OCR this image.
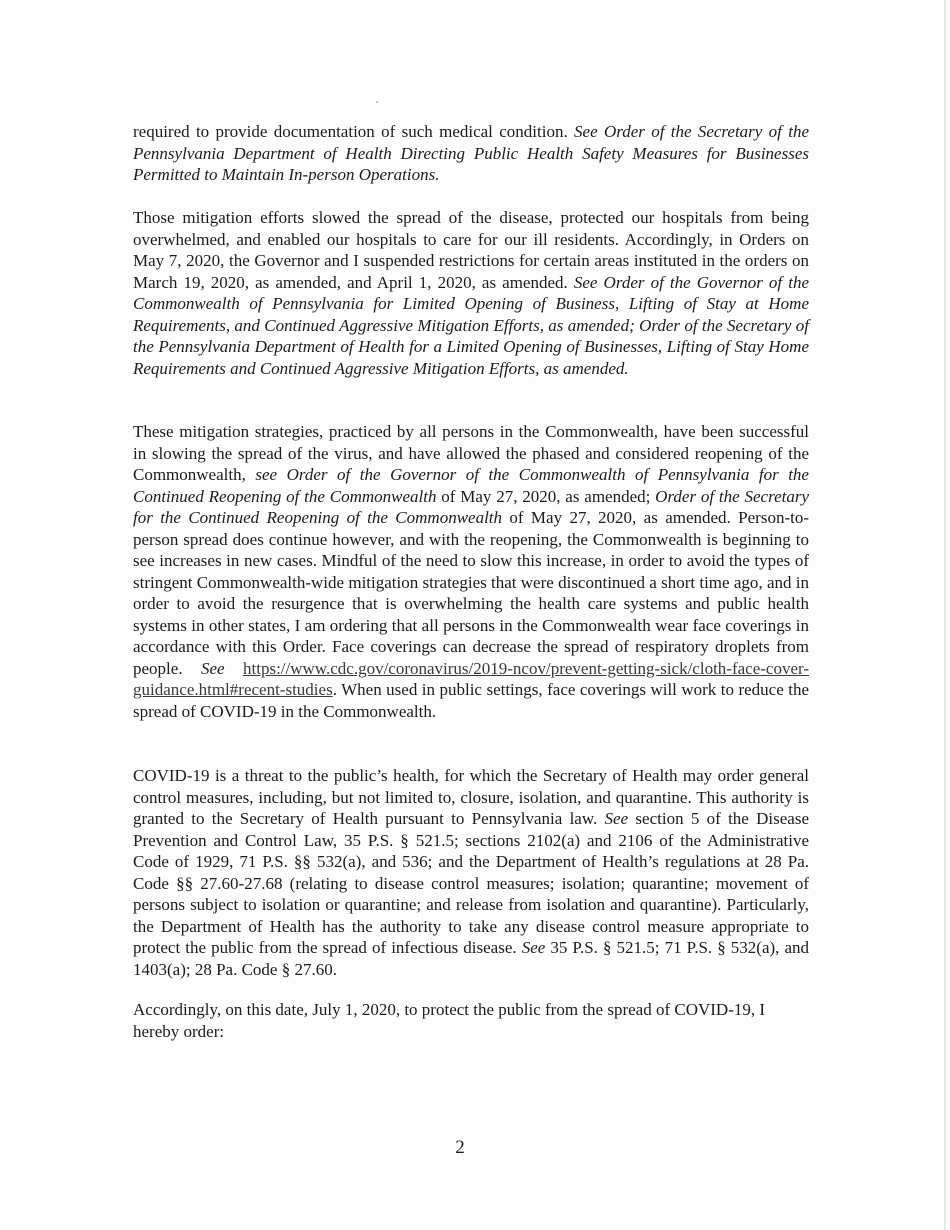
required to provide documentation of such medical condition. See Order of the Secretary of the Pennsylvania Department of Health Directing Public Health Safety Measures for Businesses Permitted to Maintain In-person Operations.

Those mitigation efforts slowed the spread of the disease, protected our hospitals from being overwhelmed, and enabled our hospitals to care for our ill residents. Accordingly, in Orders on May 7, 2020, the Governor and I suspended restrictions for certain areas instituted in the orders on March 19, 2020, as amended, and April 1, 2020, as amended. See Order of the Governor of the Commonwealth of Pennsylvania for Limited Opening of Business, Lifting of Stay at Home Requirements, and Continued Aggressive Mitigation Efforts, as amended; Order of the Secretary of the Pennsylvania Department of Health for a Limited Opening of Businesses, Lifting of Stay Home Requirements and Continued Aggressive Mitigation Efforts, as amended.

These mitigation strategies, practiced by all persons in the Commonwealth, have been successful in slowing the spread of the virus, and have allowed the phased and considered reopening of the Commonwealth, see Order of the Governor of the Commonwealth of Pennsylvania for the Continued Reopening of the Commonwealth of May 27, 2020, as amended; Order of the Secretary for the Continued Reopening of the Commonwealth of May 27, 2020, as amended. Person-to-person spread does continue however, and with the reopening, the Commonwealth is beginning to see increases in new cases. Mindful of the need to slow this increase, in order to avoid the types of stringent Commonwealth-wide mitigation strategies that were discontinued a short time ago, and in order to avoid the resurgence that is overwhelming the health care systems and public health systems in other states, I am ordering that all persons in the Commonwealth wear face coverings in accordance with this Order. Face coverings can decrease the spread of respiratory droplets from people. See https://www.cdc.gov/coronavirus/2019-ncov/prevent-getting-sick/cloth-face-cover-guidance.html#recent-studies. When used in public settings, face coverings will work to reduce the spread of COVID-19 in the Commonwealth.

COVID-19 is a threat to the public’s health, for which the Secretary of Health may order general control measures, including, but not limited to, closure, isolation, and quarantine. This authority is granted to the Secretary of Health pursuant to Pennsylvania law. See section 5 of the Disease Prevention and Control Law, 35 P.S. § 521.5; sections 2102(a) and 2106 of the Administrative Code of 1929, 71 P.S. §§ 532(a), and 536; and the Department of Health’s regulations at 28 Pa. Code §§ 27.60-27.68 (relating to disease control measures; isolation; quarantine; movement of persons subject to isolation or quarantine; and release from isolation and quarantine). Particularly, the Department of Health has the authority to take any disease control measure appropriate to protect the public from the spread of infectious disease. See 35 P.S. § 521.5; 71 P.S. § 532(a), and 1403(a); 28 Pa. Code § 27.60.

Accordingly, on this date, July 1, 2020, to protect the public from the spread of COVID-19, I hereby order:

2
